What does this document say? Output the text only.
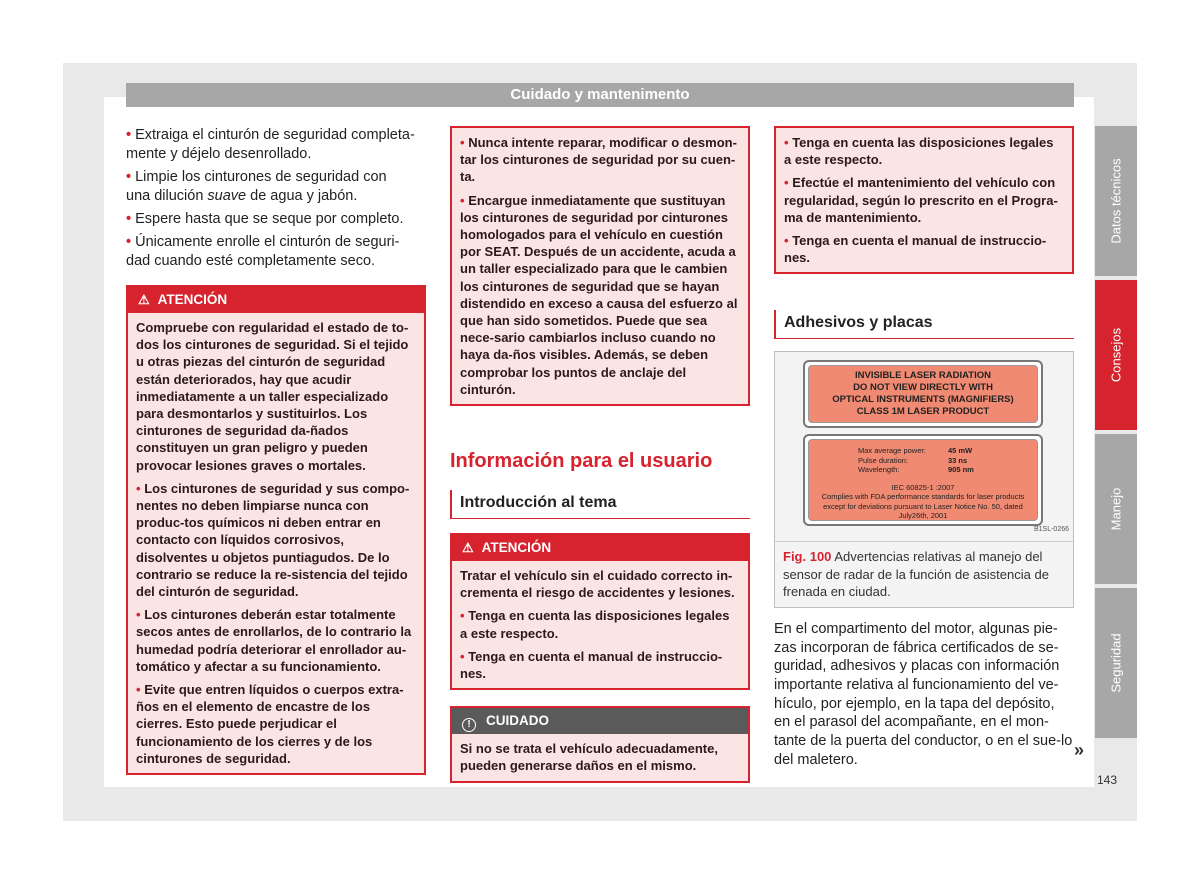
Cuidado y mantenimento
• Extraiga el cinturón de seguridad completa-
mente y déjelo desenrollado.
• Limpie los cinturones de seguridad con
una dilución suave de agua y jabón.
• Espere hasta que se seque por completo.
• Únicamente enrolle el cinturón de seguri-
dad cuando esté completamente seco.
⚠ ATENCIÓN

Compruebe con regularidad el estado de to-dos los cinturones de seguridad. Si el tejido u otras piezas del cinturón de seguridad están deteriorados, hay que acudir inmediatamente a un taller especializado para desmontarlos y sustituirlos. Los cinturones de seguridad da-ñados constituyen un gran peligro y pueden provocar lesiones graves o mortales.

• Los cinturones de seguridad y sus compo-nentes no deben limpiarse nunca con produc-tos químicos ni deben entrar en contacto con líquidos corrosivos, disolventes u objetos puntiagudos. De lo contrario se reduce la re-sistencia del tejido del cinturón de seguridad.

• Los cinturones deberán estar totalmente secos antes de enrollarlos, de lo contrario la humedad podría deteriorar el enrollador au-tomático y afectar a su funcionamiento.

• Evite que entren líquidos o cuerpos extra-ños en el elemento de encastre de los cierres. Esto puede perjudicar el funcionamiento de los cierres y de los cinturones de seguridad.

• Nunca intente reparar, modificar o desmon-tar los cinturones de seguridad por su cuen-ta.

• Encargue inmediatamente que sustituyan los cinturones de seguridad por cinturones homologados para el vehículo en cuestión por SEAT. Después de un accidente, acuda a un taller especializado para que le cambien los cinturones de seguridad que se hayan distendido en exceso a causa del esfuerzo al que han sido sometidos. Puede que sea nece-sario cambiarlos incluso cuando no haya da-ños visibles. Además, se deben comprobar los puntos de anclaje del cinturón.

Información para el usuario
Introducción al tema
⚠ ATENCIÓN

Tratar el vehículo sin el cuidado correcto in-crementa el riesgo de accidentes y lesiones.

• Tenga en cuenta las disposiciones legales a este respecto.

• Tenga en cuenta el manual de instruccio-nes.

! CUIDADO

Si no se trata el vehículo adecuadamente, pueden generarse daños en el mismo.

• Tenga en cuenta las disposiciones legales a este respecto.

• Efectúe el mantenimiento del vehículo con regularidad, según lo prescrito en el Progra-ma de mantenimiento.

• Tenga en cuenta el manual de instruccio-nes.

Adhesivos y placas
INVISIBLE LASER RADIATION
DO NOT VIEW DIRECTLY WITH
OPTICAL INSTRUMENTS (MAGNIFIERS)
CLASS 1M LASER PRODUCT
Max average power:	45 mW
Pulse duration:	33 ns
Wavelength:	905 nm
IEC 60825-1 :2007
Complies with FDA performance standards for laser products except for deviations pursuant to Laser Notice No. 50, dated July26th, 2001
B1SL-0266
Fig. 100 Advertencias relativas al manejo del sensor de radar de la función de asistencia de frenada en ciudad.

En el compartimento del motor, algunas pie-zas incorporan de fábrica certificados de se-guridad, adhesivos y placas con información importante relativa al funcionamiento del ve-hículo, por ejemplo, en la tapa del depósito, en el parasol del acompañante, en el mon-tante de la puerta del conductor, o en el sue-lo del maletero.	»
Datos técnicos
Consejos
Manejo
Seguridad
143
